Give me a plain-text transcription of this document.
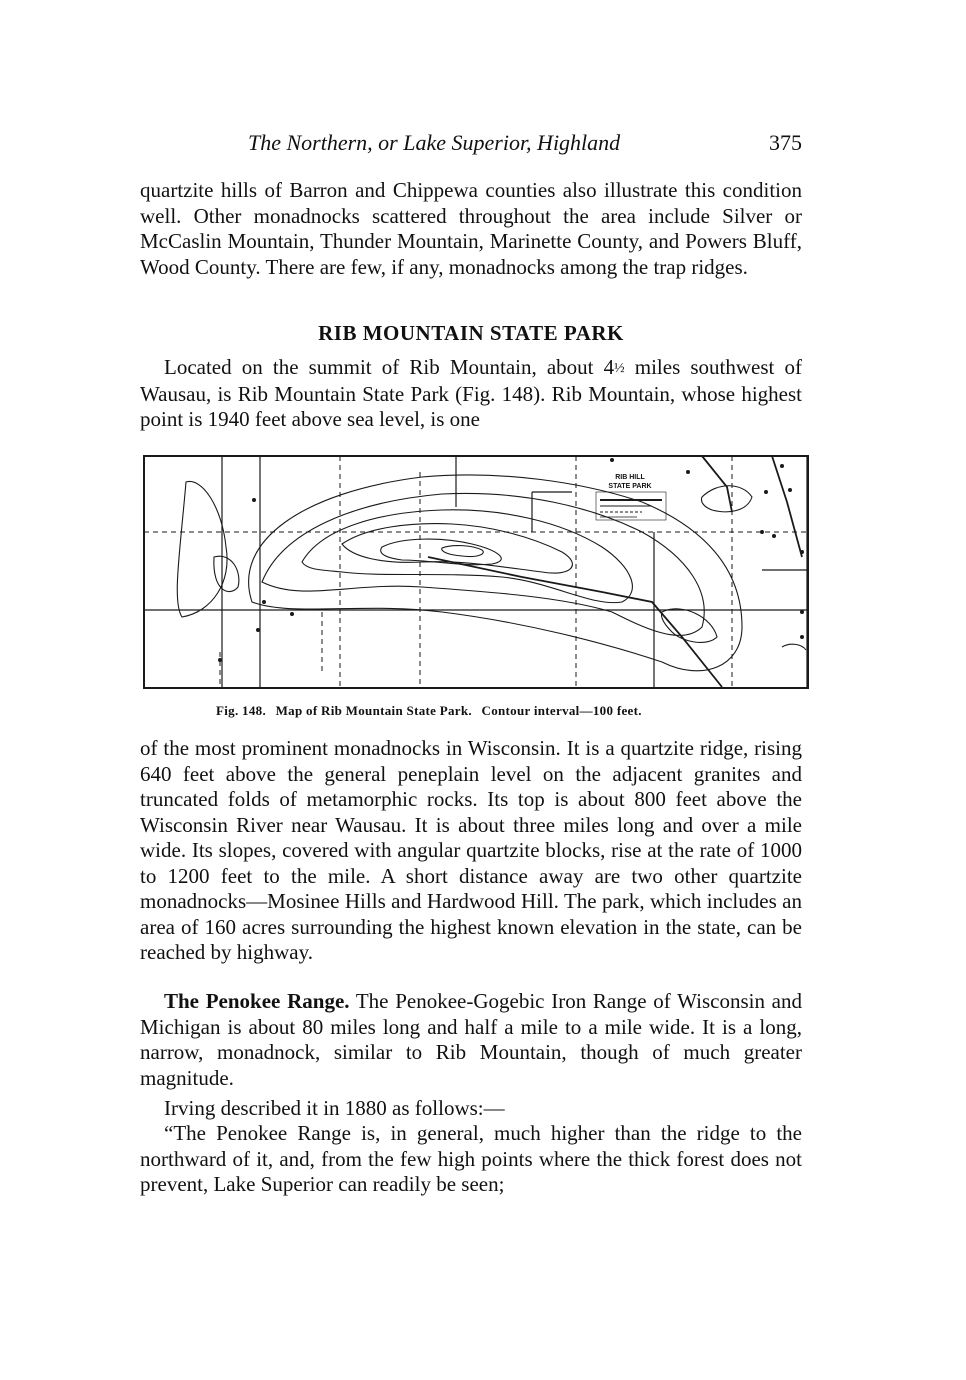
The Northern, or Lake Superior, Highland	375

quartzite hills of Barron and Chippewa counties also illustrate this condition well. Other monadnocks scattered throughout the area include Silver or McCaslin Mountain, Thunder Mountain, Marinette County, and Powers Bluff, Wood County. There are few, if any, monadnocks among the trap ridges.

RIB MOUNTAIN STATE PARK

Located on the summit of Rib Mountain, about 4½ miles southwest of Wausau, is Rib Mountain State Park (Fig. 148). Rib Mountain, whose highest point is 1940 feet above sea level, is one

RIB HILL
STATE PARK
Fig. 148. Map of Rib Mountain State Park. Contour interval—100 feet.

of the most prominent monadnocks in Wisconsin. It is a quartzite ridge, rising 640 feet above the general peneplain level on the adjacent granites and truncated folds of metamorphic rocks. Its top is about 800 feet above the Wisconsin River near Wausau. It is about three miles long and over a mile wide. Its slopes, covered with angular quartzite blocks, rise at the rate of 1000 to 1200 feet to the mile. A short distance away are two other quartzite monadnocks—Mosinee Hills and Hardwood Hill. The park, which includes an area of 160 acres surrounding the highest known elevation in the state, can be reached by highway.

The Penokee Range. The Penokee-Gogebic Iron Range of Wisconsin and Michigan is about 80 miles long and half a mile to a mile wide. It is a long, narrow, monadnock, similar to Rib Mountain, though of much greater magnitude.

Irving described it in 1880 as follows:—

“The Penokee Range is, in general, much higher than the ridge to the northward of it, and, from the few high points where the thick forest does not prevent, Lake Superior can readily be seen;
